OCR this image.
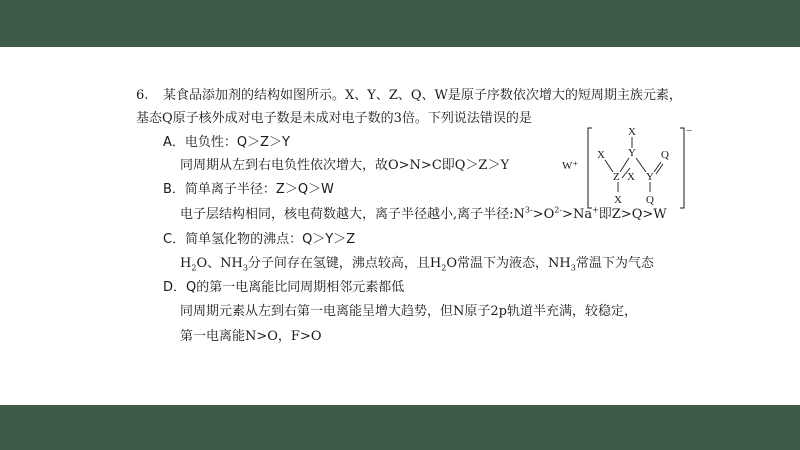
6. 某食品添加剂的结构如图所示。X、Y、Z、Q、W是原子序数依次增大的短周期主族元素，
基态Q原子核外成对电子数是未成对电子数的3倍。下列说法错误的是
A．电负性：Q＞Z＞Y
同周期从左到右电负性依次增大，故O>N>C即Q＞Z＞Y
B．简单离子半径：Z＞Q＞W
电子层结构相同，核电荷数越大，离子半径越小,离子半径$:N^{3-}>O^{2-}>Na^+$即Z>Q>W
C．简单氢化物的沸点：Q＞Y＞Z
$H_2O$、$NH_3$分子间存在氢键，沸点较高，且$H_2O$常温下为液态，$NH_3$常温下为气态
D．Q的第一电离能比同周期相邻元素都低
同周期元素从左到右第一电离能呈增大趋势，但N原子2p轨道半充满，较稳定，
第一电离能N>O，F>O
W⁺
−
X
Y Q
X
Z X Y
X Q
